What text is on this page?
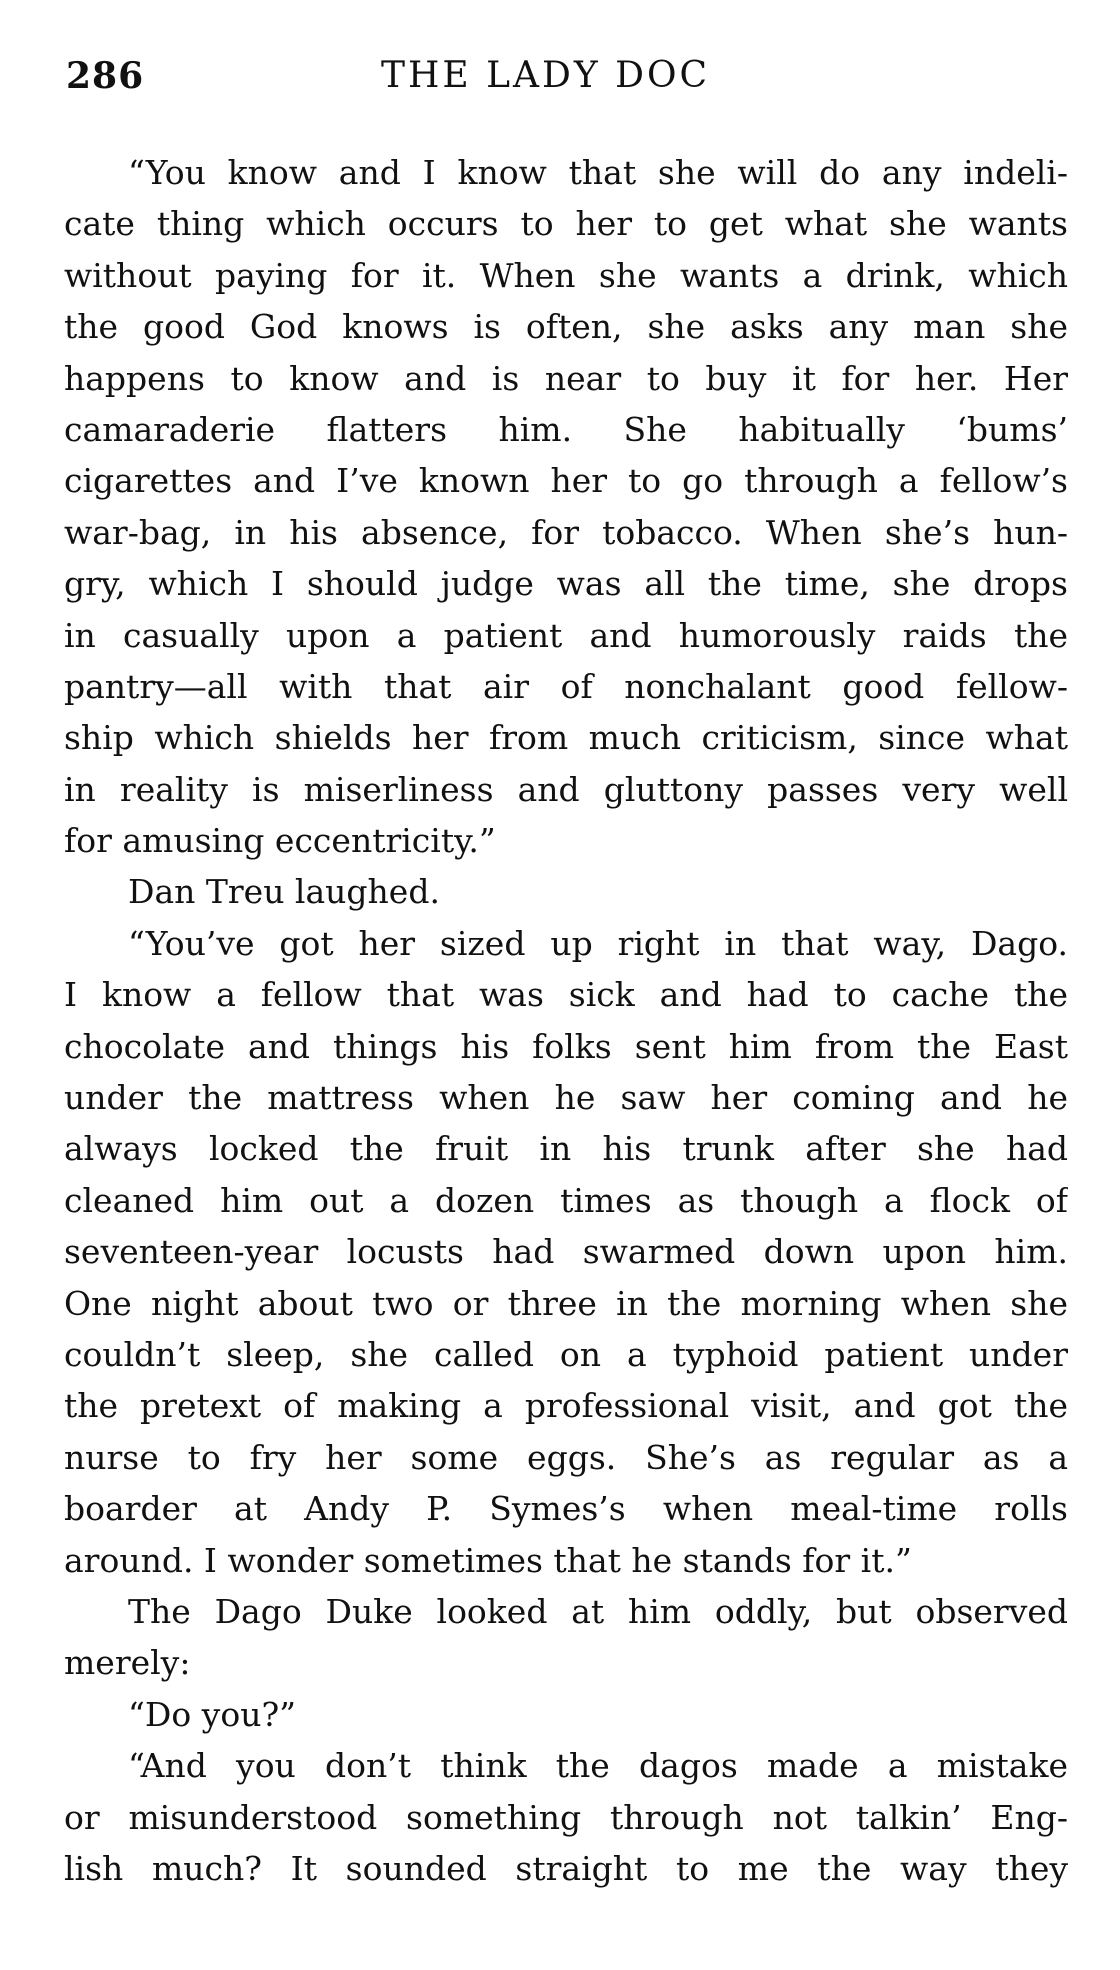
286	THE LADY DOC
“You know and I know that she will do any indeli-
cate thing which occurs to her to get what she wants
without paying for it. When she wants a drink, which
the good God knows is often, she asks any man she
happens to know and is near to buy it for her. Her
camaraderie flatters him. She habitually ‘bums’
cigarettes and I’ve known her to go through a fellow’s
war-bag, in his absence, for tobacco. When she’s hun-
gry, which I should judge was all the time, she drops
in casually upon a patient and humorously raids the
pantry—all with that air of nonchalant good fellow-
ship which shields her from much criticism, since what
in reality is miserliness and gluttony passes very well
for amusing eccentricity.”
Dan Treu laughed.
“You’ve got her sized up right in that way, Dago.
I know a fellow that was sick and had to cache the
chocolate and things his folks sent him from the East
under the mattress when he saw her coming and he
always locked the fruit in his trunk after she had
cleaned him out a dozen times as though a flock of
seventeen-year locusts had swarmed down upon him.
One night about two or three in the morning when she
couldn’t sleep, she called on a typhoid patient under
the pretext of making a professional visit, and got the
nurse to fry her some eggs. She’s as regular as a
boarder at Andy P. Symes’s when meal-time rolls
around. I wonder sometimes that he stands for it.”
The Dago Duke looked at him oddly, but observed
merely:
“Do you?”
“And you don’t think the dagos made a mistake
or misunderstood something through not talkin’ Eng-
lish much? It sounded straight to me the way they
